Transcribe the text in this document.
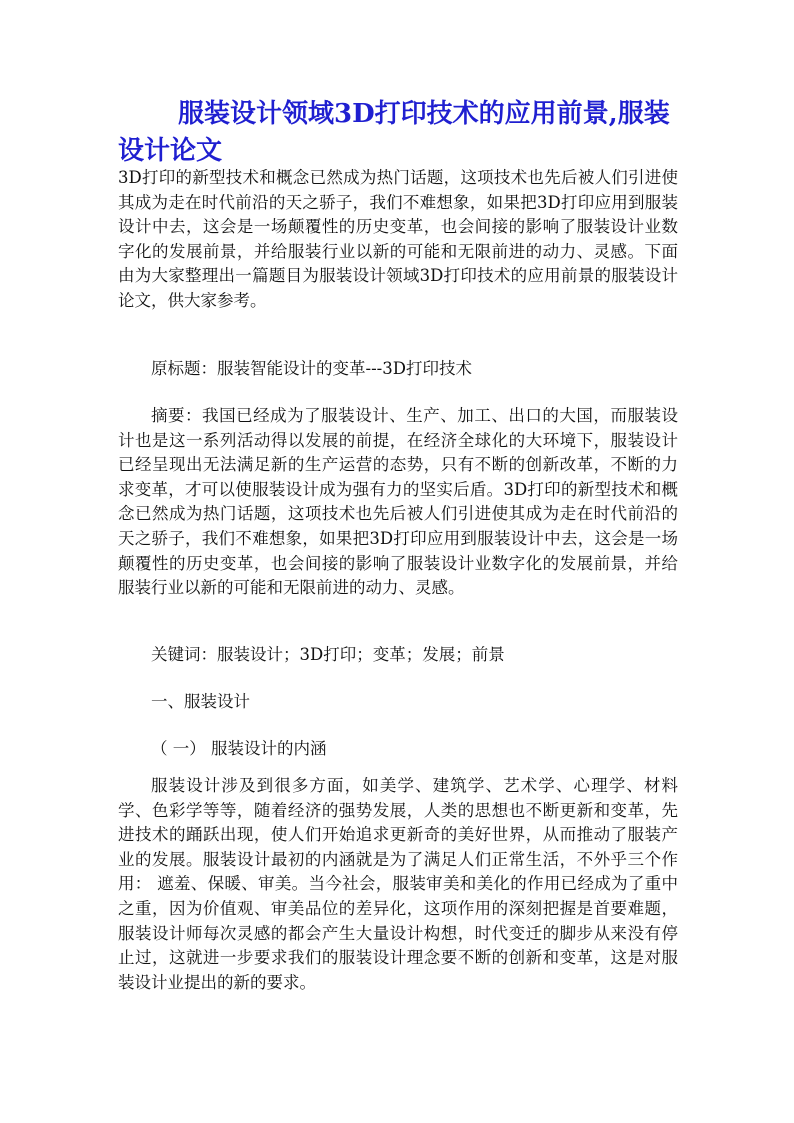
服装设计领域3D打印技术的应用前景,服装设计论文

3D打印的新型技术和概念已然成为热门话题，这项技术也先后被人们引进使其成为走在时代前沿的天之骄子，我们不难想象，如果把3D打印应用到服装设计中去，这会是一场颠覆性的历史变革，也会间接的影响了服装设计业数字化的发展前景，并给服装行业以新的可能和无限前进的动力、灵感。下面由为大家整理出一篇题目为服装设计领域3D打印技术的应用前景的服装设计论文，供大家参考。

原标题：服装智能设计的变革---3D打印技术

摘要：我国已经成为了服装设计、生产、加工、出口的大国，而服装设计也是这一系列活动得以发展的前提，在经济全球化的大环境下，服装设计已经呈现出无法满足新的生产运营的态势，只有不断的创新改革，不断的力求变革，才可以使服装设计成为强有力的坚实后盾。3D打印的新型技术和概念已然成为热门话题，这项技术也先后被人们引进使其成为走在时代前沿的天之骄子，我们不难想象，如果把3D打印应用到服装设计中去，这会是一场颠覆性的历史变革，也会间接的影响了服装设计业数字化的发展前景，并给服装行业以新的可能和无限前进的动力、灵感。

关键词：服装设计；3D打印；变革；发展；前景

一、服装设计

（ 一） 服装设计的内涵

服装设计涉及到很多方面，如美学、建筑学、艺术学、心理学、材料学、色彩学等等，随着经济的强势发展，人类的思想也不断更新和变革，先进技术的踊跃出现，使人们开始追求更新奇的美好世界，从而推动了服装产业的发展。服装设计最初的内涵就是为了满足人们正常生活，不外乎三个作用： 遮羞、保暖、审美。当今社会，服装审美和美化的作用已经成为了重中之重，因为价值观、审美品位的差异化，这项作用的深刻把握是首要难题，服装设计师每次灵感的都会产生大量设计构想，时代变迁的脚步从来没有停止过，这就进一步要求我们的服装设计理念要不断的创新和变革，这是对服装设计业提出的新的要求。
